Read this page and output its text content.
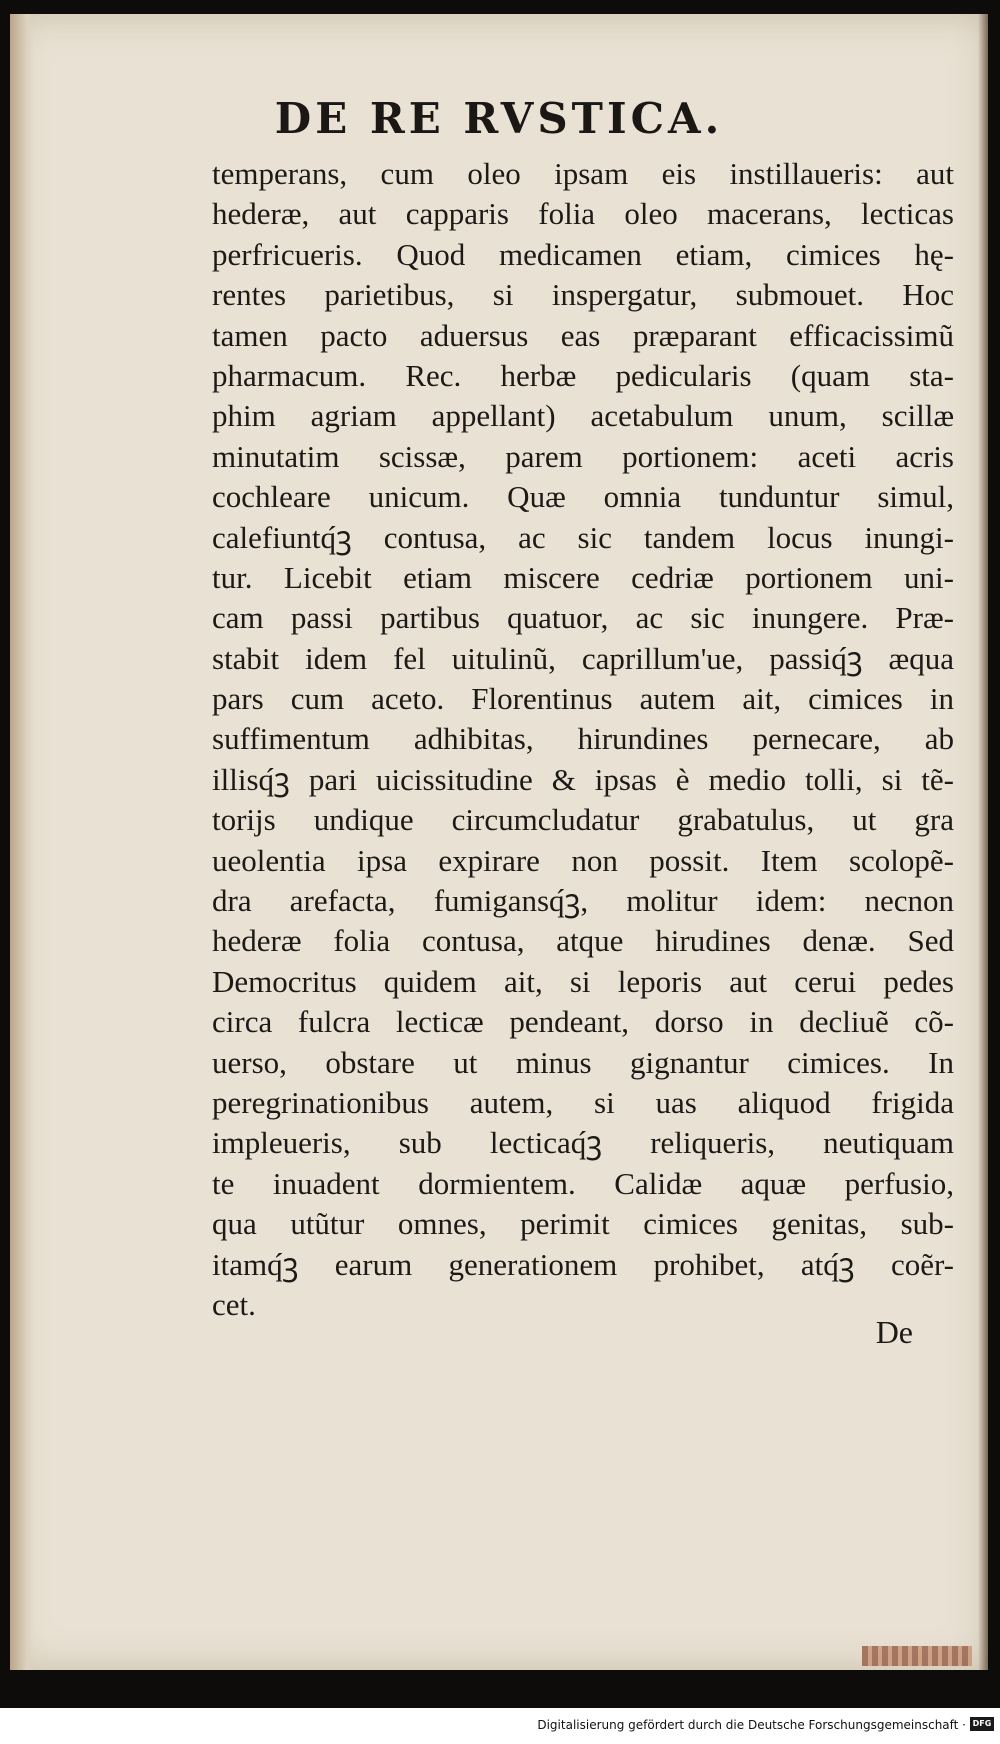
DE RE RVSTICA.
temperans, cum oleo ipsam eis instillaueris: aut
hederæ, aut capparis folia oleo macerans, lecticas
perfricueris. Quod medicamen etiam, cimices hę-
rentes parietibus, si inspergatur, submouet. Hoc
tamen pacto aduersus eas præparant efficacissimũ
pharmacum. Rec. herbæ pedicularis (quam sta-
phim agriam appellant) acetabulum unum, scillæ
minutatim scissæ, parem portionem: aceti acris
cochleare unicum. Quæ omnia tunduntur simul,
calefiuntq́ꝫ contusa, ac sic tandem locus inungi-
tur. Licebit etiam miscere cedriæ portionem uni-
cam passi partibus quatuor, ac sic inungere. Præ-
stabit idem fel uitulinũ, caprillum'ue, passiq́ꝫ æqua
pars cum aceto. Florentinus autem ait, cimices in
suffimentum adhibitas, hirundines pernecare, ab
illisq́ꝫ pari uicissitudine & ipsas è medio tolli, si tẽ-
torijs undique circumcludatur grabatulus, ut gra
ueolentia ipsa expirare non possit. Item scolopẽ-
dra arefacta, fumigansq́ꝫ, molitur idem: necnon
hederæ folia contusa, atque hirudines denæ. Sed
Democritus quidem ait, si leporis aut cerui pedes
circa fulcra lecticæ pendeant, dorso in decliuẽ cõ-
uerso, obstare ut minus gignantur cimices. In
peregrinationibus autem, si uas aliquod frigida
impleueris, sub lecticaq́ꝫ reliqueris, neutiquam
te inuadent dormientem. Calidæ aquæ perfusio,
qua utũtur omnes, perimit cimices genitas, sub-
itamq́ꝫ earum generationem prohibet, atq́ꝫ coẽr-
cet.
De
Digitalisierung gefördert durch die Deutsche Forschungsgemeinschaft · DFG
